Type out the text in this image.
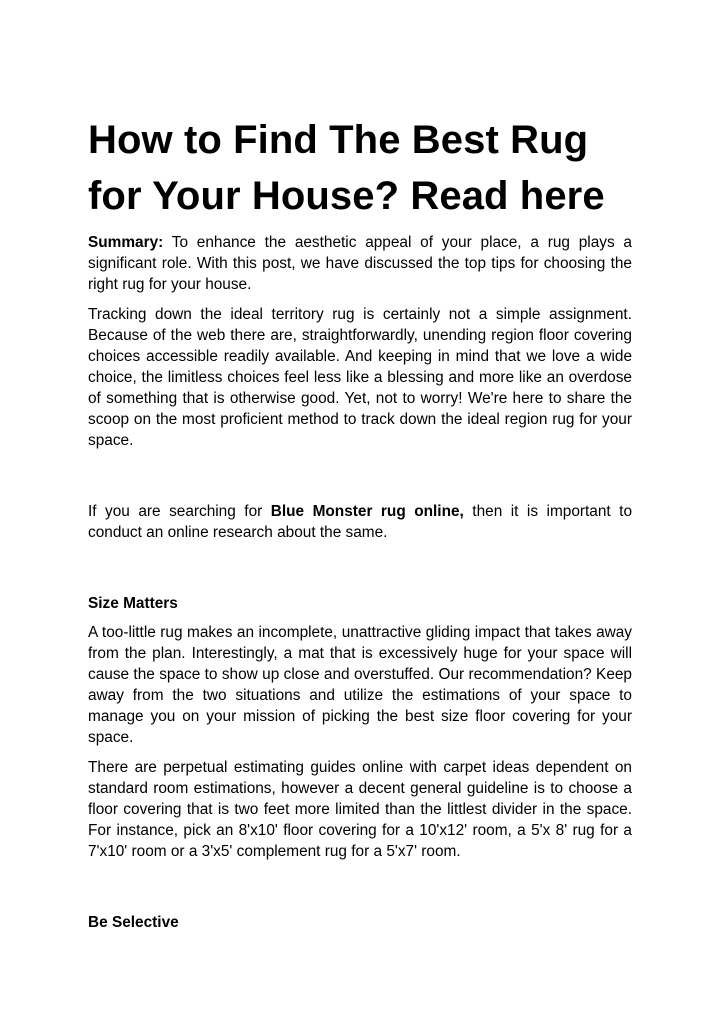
How to Find The Best Rug for Your House? Read here

Summary: To enhance the aesthetic appeal of your place, a rug plays a significant role. With this post, we have discussed the top tips for choosing the right rug for your house.

Tracking down the ideal territory rug is certainly not a simple assignment. Because of the web there are, straightforwardly, unending region floor covering choices accessible readily available. And keeping in mind that we love a wide choice, the limitless choices feel less like a blessing and more like an overdose of something that is otherwise good. Yet, not to worry! We're here to share the scoop on the most proficient method to track down the ideal region rug for your space.

If you are searching for Blue Monster rug online, then it is important to conduct an online research about the same.

Size Matters

A too-little rug makes an incomplete, unattractive gliding impact that takes away from the plan. Interestingly, a mat that is excessively huge for your space will cause the space to show up close and overstuffed. Our recommendation? Keep away from the two situations and utilize the estimations of your space to manage you on your mission of picking the best size floor covering for your space.

There are perpetual estimating guides online with carpet ideas dependent on standard room estimations, however a decent general guideline is to choose a floor covering that is two feet more limited than the littlest divider in the space. For instance, pick an 8'x10' floor covering for a 10'x12' room, a 5'x 8' rug for a 7'x10' room or a 3'x5' complement rug for a 5'x7' room.

Be Selective
